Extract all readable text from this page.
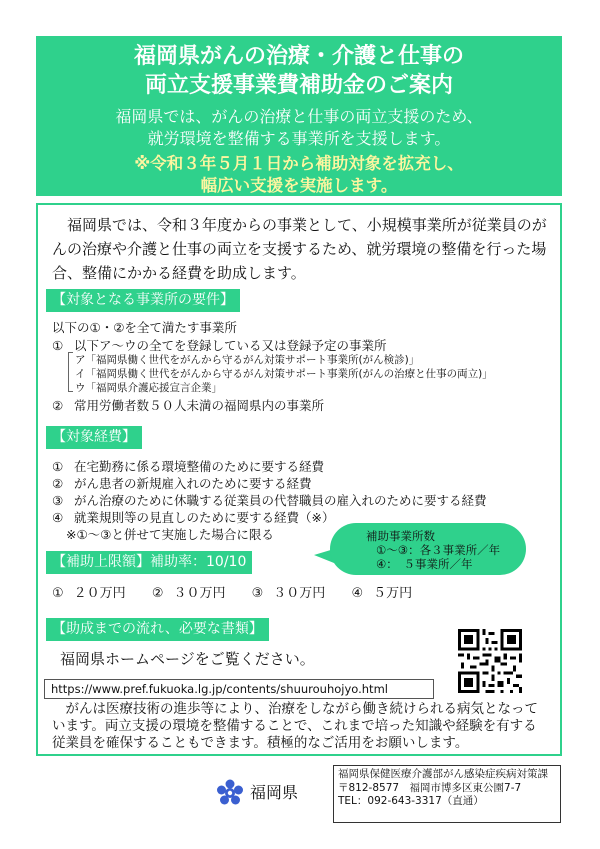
福岡県がんの治療・介護と仕事の
両立支援事業費補助金のご案内
福岡県では、がんの治療と仕事の両立支援のため、
就労環境を整備する事業所を支援します。
※令和３年５月１日から補助対象を拡充し、
幅広い支援を実施します。
福岡県では、令和３年度からの事業として、小規模事業所が従業員のがんの治療や介護と仕事の両立を支援するため、就労環境の整備を行った場合、整備にかかる経費を助成します。
【対象となる事業所の要件】
以下の①・②を全て満たす事業所
① 以下ア～ウの全てを登録している又は登録予定の事業所
ア「福岡県働く世代をがんから守るがん対策サポート事業所(がん検診)」
イ「福岡県働く世代をがんから守るがん対策サポート事業所(がんの治療と仕事の両立)」
ウ「福岡県介護応援宣言企業」
② 常用労働者数５０人未満の福岡県内の事業所
【対象経費】
① 在宅勤務に係る環境整備のために要する経費
② がん患者の新規雇入れのために要する経費
③ がん治療のために休職する従業員の代替職員の雇入れのために要する経費
④ 就業規則等の見直しのために要する経費（※）
※①～③と併せて実施した場合に限る	補助事業所数
①～③：各３事業所／年
④：　５事業所／年
【補助上限額】補助率：10/10
① ２０万円 ② ３０万円 ③ ３０万円 ④ ５万円
【助成までの流れ、必要な書類】
福岡県ホームページをご覧ください。
https://www.pref.fukuoka.lg.jp/contents/shuurouhojyo.html
がんは医療技術の進歩等により、治療をしながら働き続けられる病気となっています。両立支援の環境を整備することで、これまで培った知識や経験を有する従業員を確保することもできます。積極的なご活用をお願いします。
福岡県
福岡県保健医療介護部がん感染症疾病対策課
〒812-8577　福岡市博多区東公園7-7
TEL：092-643-3317（直通）
